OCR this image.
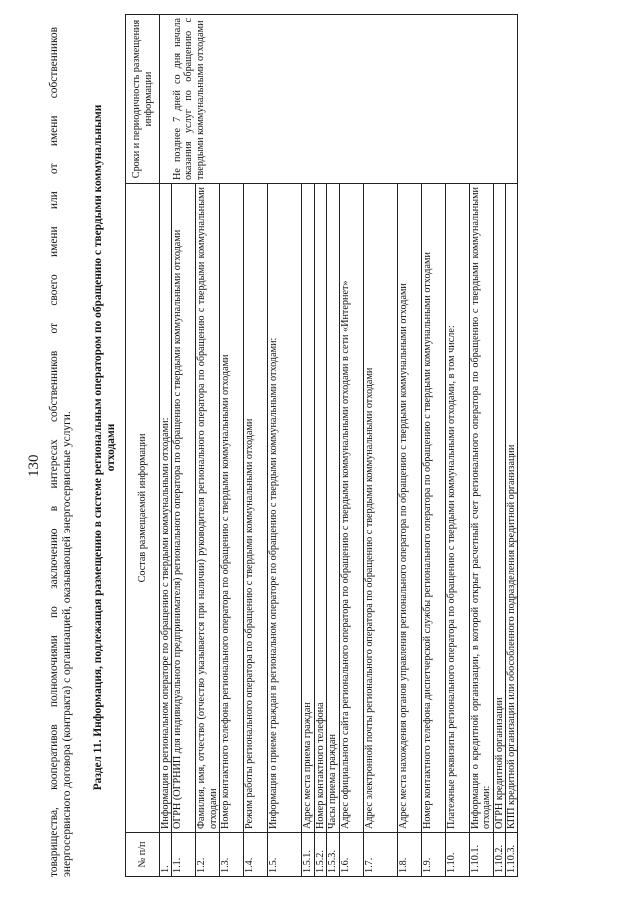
130 товарищества, кооперативов полномочиями по заключению в интересах собственников от своего имени или от имени собственников энергосервисного договора (контракта) с организацией, оказывающей энергосервисные услуги. Раздел 11. Информация, подлежащая размещению в системе региональным оператором по обращению с твердыми коммунальными
отходами
№ п/п	Состав размещаемой информации	Сроки и периодичность размещения информации
1.	Информация о региональном операторе по обращению с твердыми коммунальными отходами:	Не позднее 7 дней со дня начала оказания услуг по обращению с твердыми коммунальными отходами

1.1.	ОГРН (ОГРНИП для индивидуального предпринимателя) регионального оператора по обращению с твердыми коммунальными отходами	
1.2.	Фамилия, имя, отчество (отчество указывается при наличии) руководителя регионального оператора по обращению с твердыми коммунальными отходами	
1.3.	Номер контактного телефона регионального оператора по обращению с твердыми коммунальными отходами	
1.4.	Режим работы регионального оператора по обращению с твердыми коммунальными отходами	
1.5.	Информация о приеме граждан в региональном операторе по обращению с твердыми коммунальными отходами:	
1.5.1.	Адрес места приема граждан	
1.5.2.	Номер контактного телефона	
1.5.3.	Часы приема граждан	
1.6.	Адрес официального сайта регионального оператора по обращению с твердыми коммунальными отходами в сети «Интернет»	
1.7.	Адрес электронной почты регионального оператора по обращению с твердыми коммунальными отходами	
1.8.	Адрес места нахождения органов управления регионального оператора по обращению с твердыми коммунальными отходами	
1.9.	Номер контактного телефона диспетчерской службы регионального оператора по обращению с твердыми коммунальными отходами	
1.10.	Платежные реквизиты регионального оператора по обращению с твердыми коммунальными отходами, в том числе:	
1.10.1.	Информация о кредитной организации, в которой открыт расчетный счет регионального оператора по обращению с твердыми коммунальными отходами:	
1.10.2.	ОГРН кредитной организации	
1.10.3.	КПП кредитной организации или обособленного подразделения кредитной организации	
